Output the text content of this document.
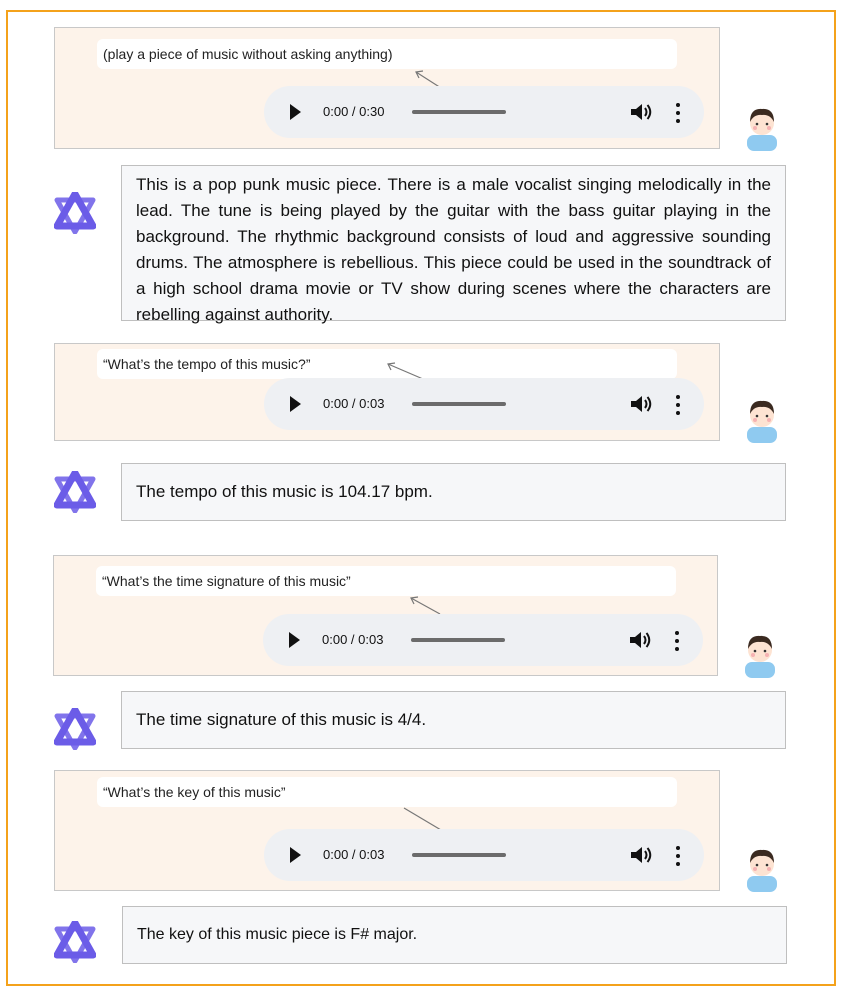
(play a piece of music without asking anything)
0:00 / 0:30
This is a pop punk music piece. There is a male vocalist singing melodically in the lead. The tune is being played by the guitar with the bass guitar playing in the background. The rhythmic background consists of loud and aggressive sounding drums. The atmosphere is rebellious. This piece could be used in the soundtrack of a high school drama movie or TV show during scenes where the characters are rebelling against authority.
“What’s the tempo of this music?”
0:00 / 0:03
The tempo of this music is 104.17 bpm.
“What’s the time signature of this music”
0:00 / 0:03
The time signature of this music is 4/4.
“What’s the key of this music”
0:00 / 0:03
The key of this music piece is F# major.
